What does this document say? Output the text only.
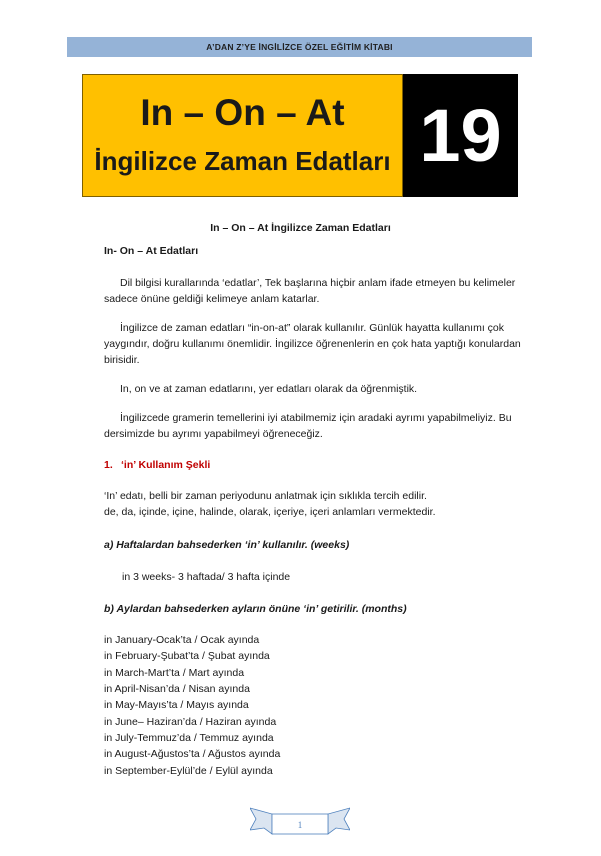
A’DAN Z’YE İNGİLİZCE ÖZEL EĞİTİM KİTABI
In – On – At
İngilizce Zaman Edatları 19
In – On – At İngilizce Zaman Edatları
In- On – At Edatları
Dil bilgisi kurallarında ‘edatlar’, Tek başlarına hiçbir anlam ifade etmeyen bu kelimeler
sadece önüne geldiği kelimeye anlam katarlar.
İngilizce de zaman edatları “in-on-at” olarak kullanılır. Günlük hayatta kullanımı çok
yaygındır, doğru kullanımı önemlidir. İngilizce öğrenenlerin en çok hata yaptığı konulardan
birisidir.
In, on ve at zaman edatlarını, yer edatları olarak da öğrenmiştik.
İngilizcede gramerin temellerini iyi atabilmemiz için aradaki ayrımı yapabilmeliyiz. Bu
dersimizde bu ayrımı yapabilmeyi öğreneceğiz.
1. ‘in’ Kullanım Şekli
‘In’ edatı, belli bir zaman periyodunu anlatmak için sıklıkla tercih edilir.
de, da, içinde, içine, halinde, olarak, içeriye, içeri anlamları vermektedir.
a) Haftalardan bahsederken ‘in’ kullanılır. (weeks)
in 3 weeks- 3 haftada/ 3 hafta içinde
b) Aylardan bahsederken ayların önüne ‘in’ getirilir. (months)
in January-Ocak’ta / Ocak ayında
in February-Şubat’ta / Şubat ayında
in March-Mart’ta / Mart ayında
in April-Nisan’da / Nisan ayında
in May-Mayıs’ta / Mayıs ayında
in June– Haziran’da / Haziran ayında
in July-Temmuz’da / Temmuz ayında
in August-Ağustos’ta / Ağustos ayında
in September-Eylül’de / Eylül ayında
1
